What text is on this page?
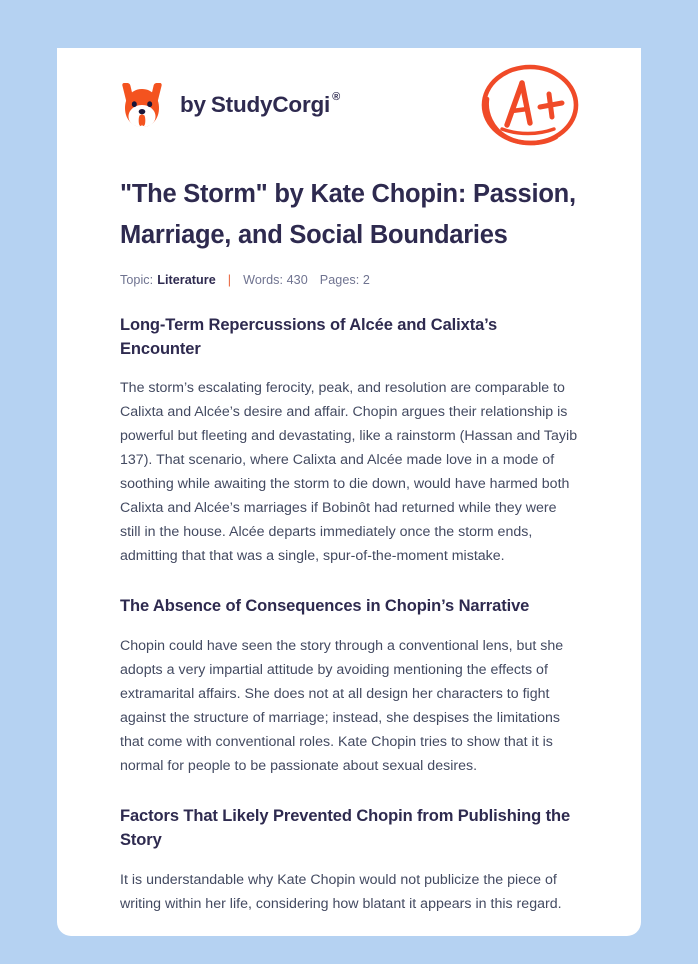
by StudyCorgi ®
"The Storm" by Kate Chopin: Passion, Marriage, and Social Boundaries
Topic: Literature | Words: 430 Pages: 2
Long-Term Repercussions of Alcée and Calixta’s Encounter

The storm’s escalating ferocity, peak, and resolution are comparable to Calixta and Alcée’s desire and affair. Chopin argues their relationship is powerful but fleeting and devastating, like a rainstorm (Hassan and Tayib 137). That scenario, where Calixta and Alcée made love in a mode of soothing while awaiting the storm to die down, would have harmed both Calixta and Alcée’s marriages if Bobinôt had returned while they were still in the house. Alcée departs immediately once the storm ends, admitting that that was a single, spur-of-the-moment mistake.

The Absence of Consequences in Chopin’s Narrative

Chopin could have seen the story through a conventional lens, but she adopts a very impartial attitude by avoiding mentioning the effects of extramarital affairs. She does not at all design her characters to fight against the structure of marriage; instead, she despises the limitations that come with conventional roles. Kate Chopin tries to show that it is normal for people to be passionate about sexual desires.

Factors That Likely Prevented Chopin from Publishing the Story

It is understandable why Kate Chopin would not publicize the piece of writing within her life, considering how blatant it appears in this regard.
